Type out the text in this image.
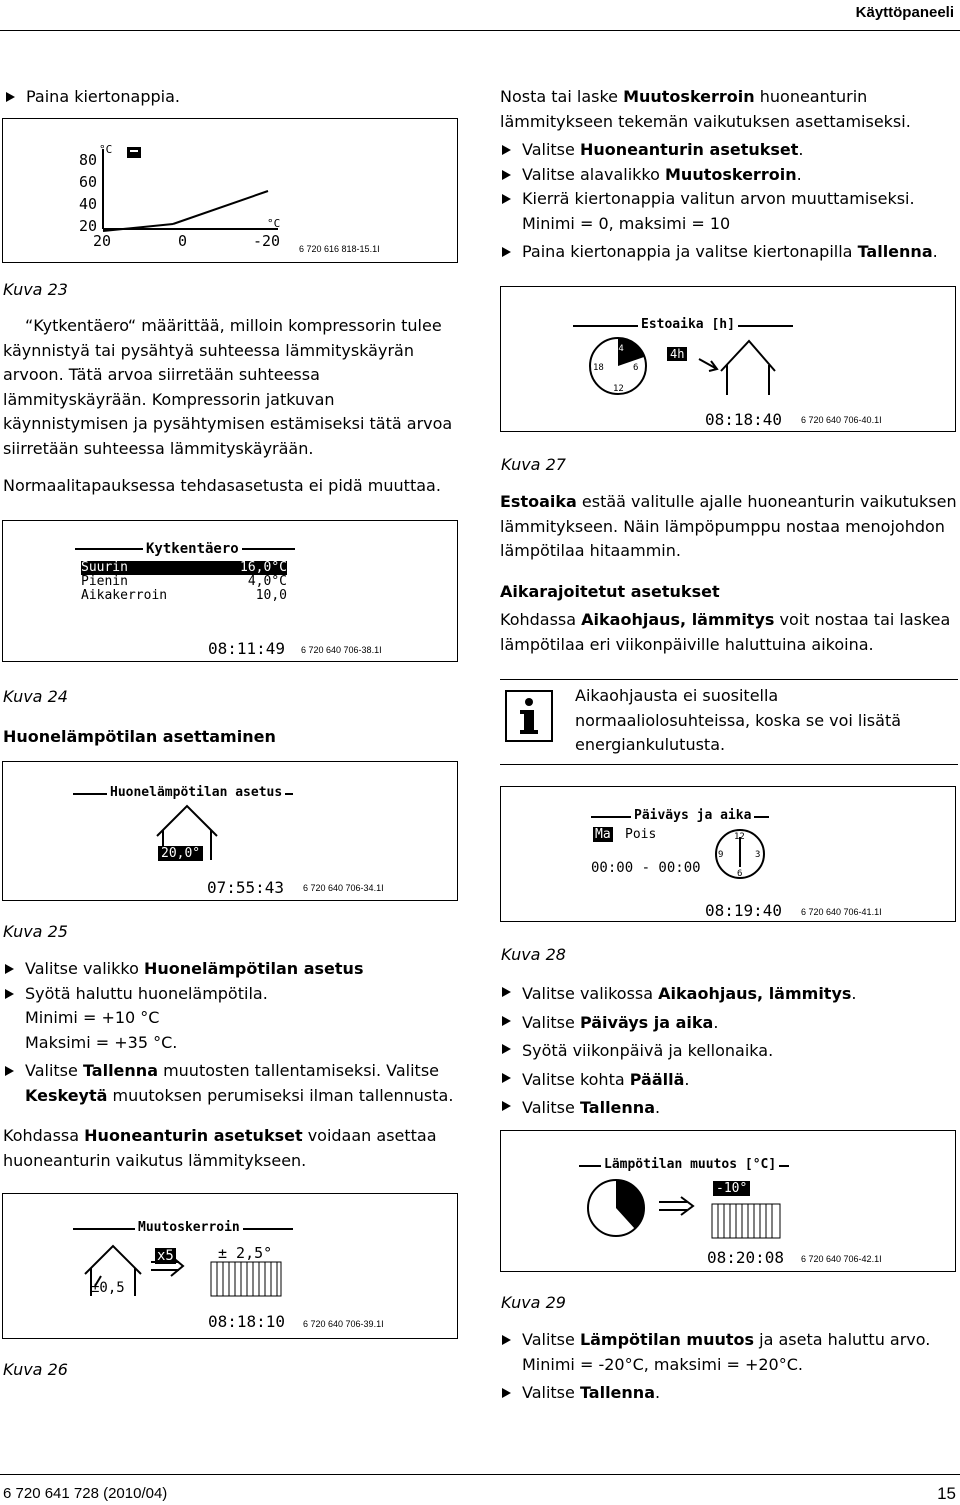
Käyttöpaneeli
Paina kiertonappia.
80
60
40
20
20	0	-20
°C
°C
6 720 616 818-15.1I
Kuva 23
“Kytkentäero“ määrittää, milloin kompressorin tulee käynnistyä tai pysähtyä suhteessa lämmityskäyrän arvoon. Tätä arvoa siirretään suhteessa lämmityskäyrään. Kompressorin jatkuvan käynnistymisen ja pysähtymisen estämiseksi tätä arvoa siirretään suhteessa lämmityskäyrään.
Normaalitapauksessa tehdasasetusta ei pidä muuttaa.
Kytkentäero
Suurin	16,0°C
Pienin	4,0°C
Aikakerroin	10,0
08:11:49 6 720 640 706-38.1I
Kuva 24
Huonelämpötilan asettaminen
Huonelämpötilan asetus
20,0°
07:55:43 6 720 640 706-34.1I
Kuva 25
Valitse valikko Huonelämpötilan asetus
Syötä haluttu huonelämpötila.
Minimi = +10 °C
Maksimi = +35 °C.
Valitse Tallenna muutosten tallentamiseksi. Valitse Keskeytä muutoksen perumiseksi ilman tallennusta.
Kohdassa Huoneanturin asetukset voidaan asettaa huoneanturin vaikutus lämmitykseen.
Muutoskerroin
x5	± 2,5°
±0,5
08:18:10 6 720 640 706-39.1I
Kuva 26
Nosta tai laske Muutoskerroin huoneanturin lämmitykseen tekemän vaikutuksen asettamiseksi.
Valitse Huoneanturin asetukset.
Valitse alavalikko Muutoskerroin.
Kierrä kiertonappia valitun arvon muuttamiseksi.
Minimi = 0, maksimi = 10
Paina kiertonappia ja valitse kiertonapilla Tallenna.
Estoaika [h]
24
6
12
18
4h
08:18:40 6 720 640 706-40.1I
Kuva 27
Estoaika estää valitulle ajalle huoneanturin vaikutuksen lämmitykseen. Näin lämpöpumppu nostaa menojohdon lämpötilaa hitaammin.
Aikarajoitetut asetukset
Kohdassa Aikaohjaus, lämmitys voit nostaa tai laskea lämpötilaa eri viikonpäiville haluttuina aikoina.
Aikaohjausta ei suositella normaaliolosuhteissa, koska se voi lisätä energiankulutusta.
Päiväys ja aika
Ma Pois
00:00 - 00:00
12
3
6
9
08:19:40 6 720 640 706-41.1I
Kuva 28
Valitse valikossa Aikaohjaus, lämmitys.
Valitse Päiväys ja aika.
Syötä viikonpäivä ja kellonaika.
Valitse kohta Päällä.
Valitse Tallenna.
Lämpötilan muutos [°C]
-10°
08:20:08 6 720 640 706-42.1I
Kuva 29
Valitse Lämpötilan muutos ja aseta haluttu arvo.
Minimi = -20°C, maksimi = +20°C.
Valitse Tallenna.
6 720 641 728 (2010/04)	15
